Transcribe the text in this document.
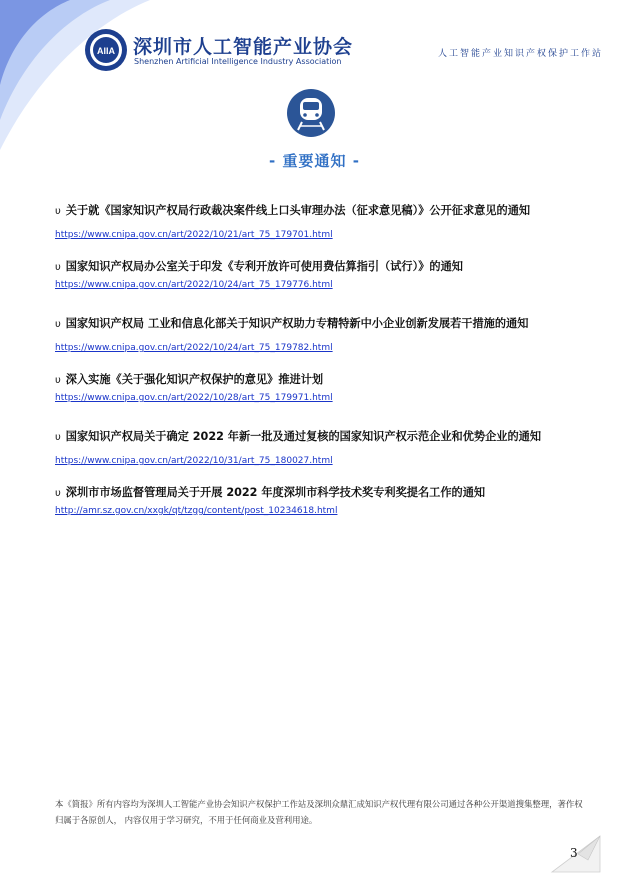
AIIA 深圳市人工智能产业协会
Shenzhen Artificial Intelligence Industry Association
人工智能产业知识产权保护工作站
- 重要通知 -
υ 关于就《国家知识产权局行政裁决案件线上口头审理办法（征求意见稿）》公开征求意见的通知
https://www.cnipa.gov.cn/art/2022/10/21/art_75_179701.html
υ 国家知识产权局办公室关于印发《专利开放许可使用费估算指引（试行）》的通知
https://www.cnipa.gov.cn/art/2022/10/24/art_75_179776.html
υ 国家知识产权局 工业和信息化部关于知识产权助力专精特新中小企业创新发展若干措施的通知
https://www.cnipa.gov.cn/art/2022/10/24/art_75_179782.html
υ 深入实施《关于强化知识产权保护的意见》推进计划
https://www.cnipa.gov.cn/art/2022/10/28/art_75_179971.html
υ 国家知识产权局关于确定 2022 年新一批及通过复核的国家知识产权示范企业和优势企业的通知
https://www.cnipa.gov.cn/art/2022/10/31/art_75_180027.html
υ 深圳市市场监督管理局关于开展 2022 年度深圳市科学技术奖专利奖提名工作的通知
http://amr.sz.gov.cn/xxgk/qt/tzgg/content/post_10234618.html
本《简报》所有内容均为深圳人工智能产业协会知识产权保护工作站及深圳众鼎汇成知识产权代理有限公司通过各种公开渠道搜集整理，著作权归属于各原创人， 内容仅用于学习研究，不用于任何商业及营利用途。
3
